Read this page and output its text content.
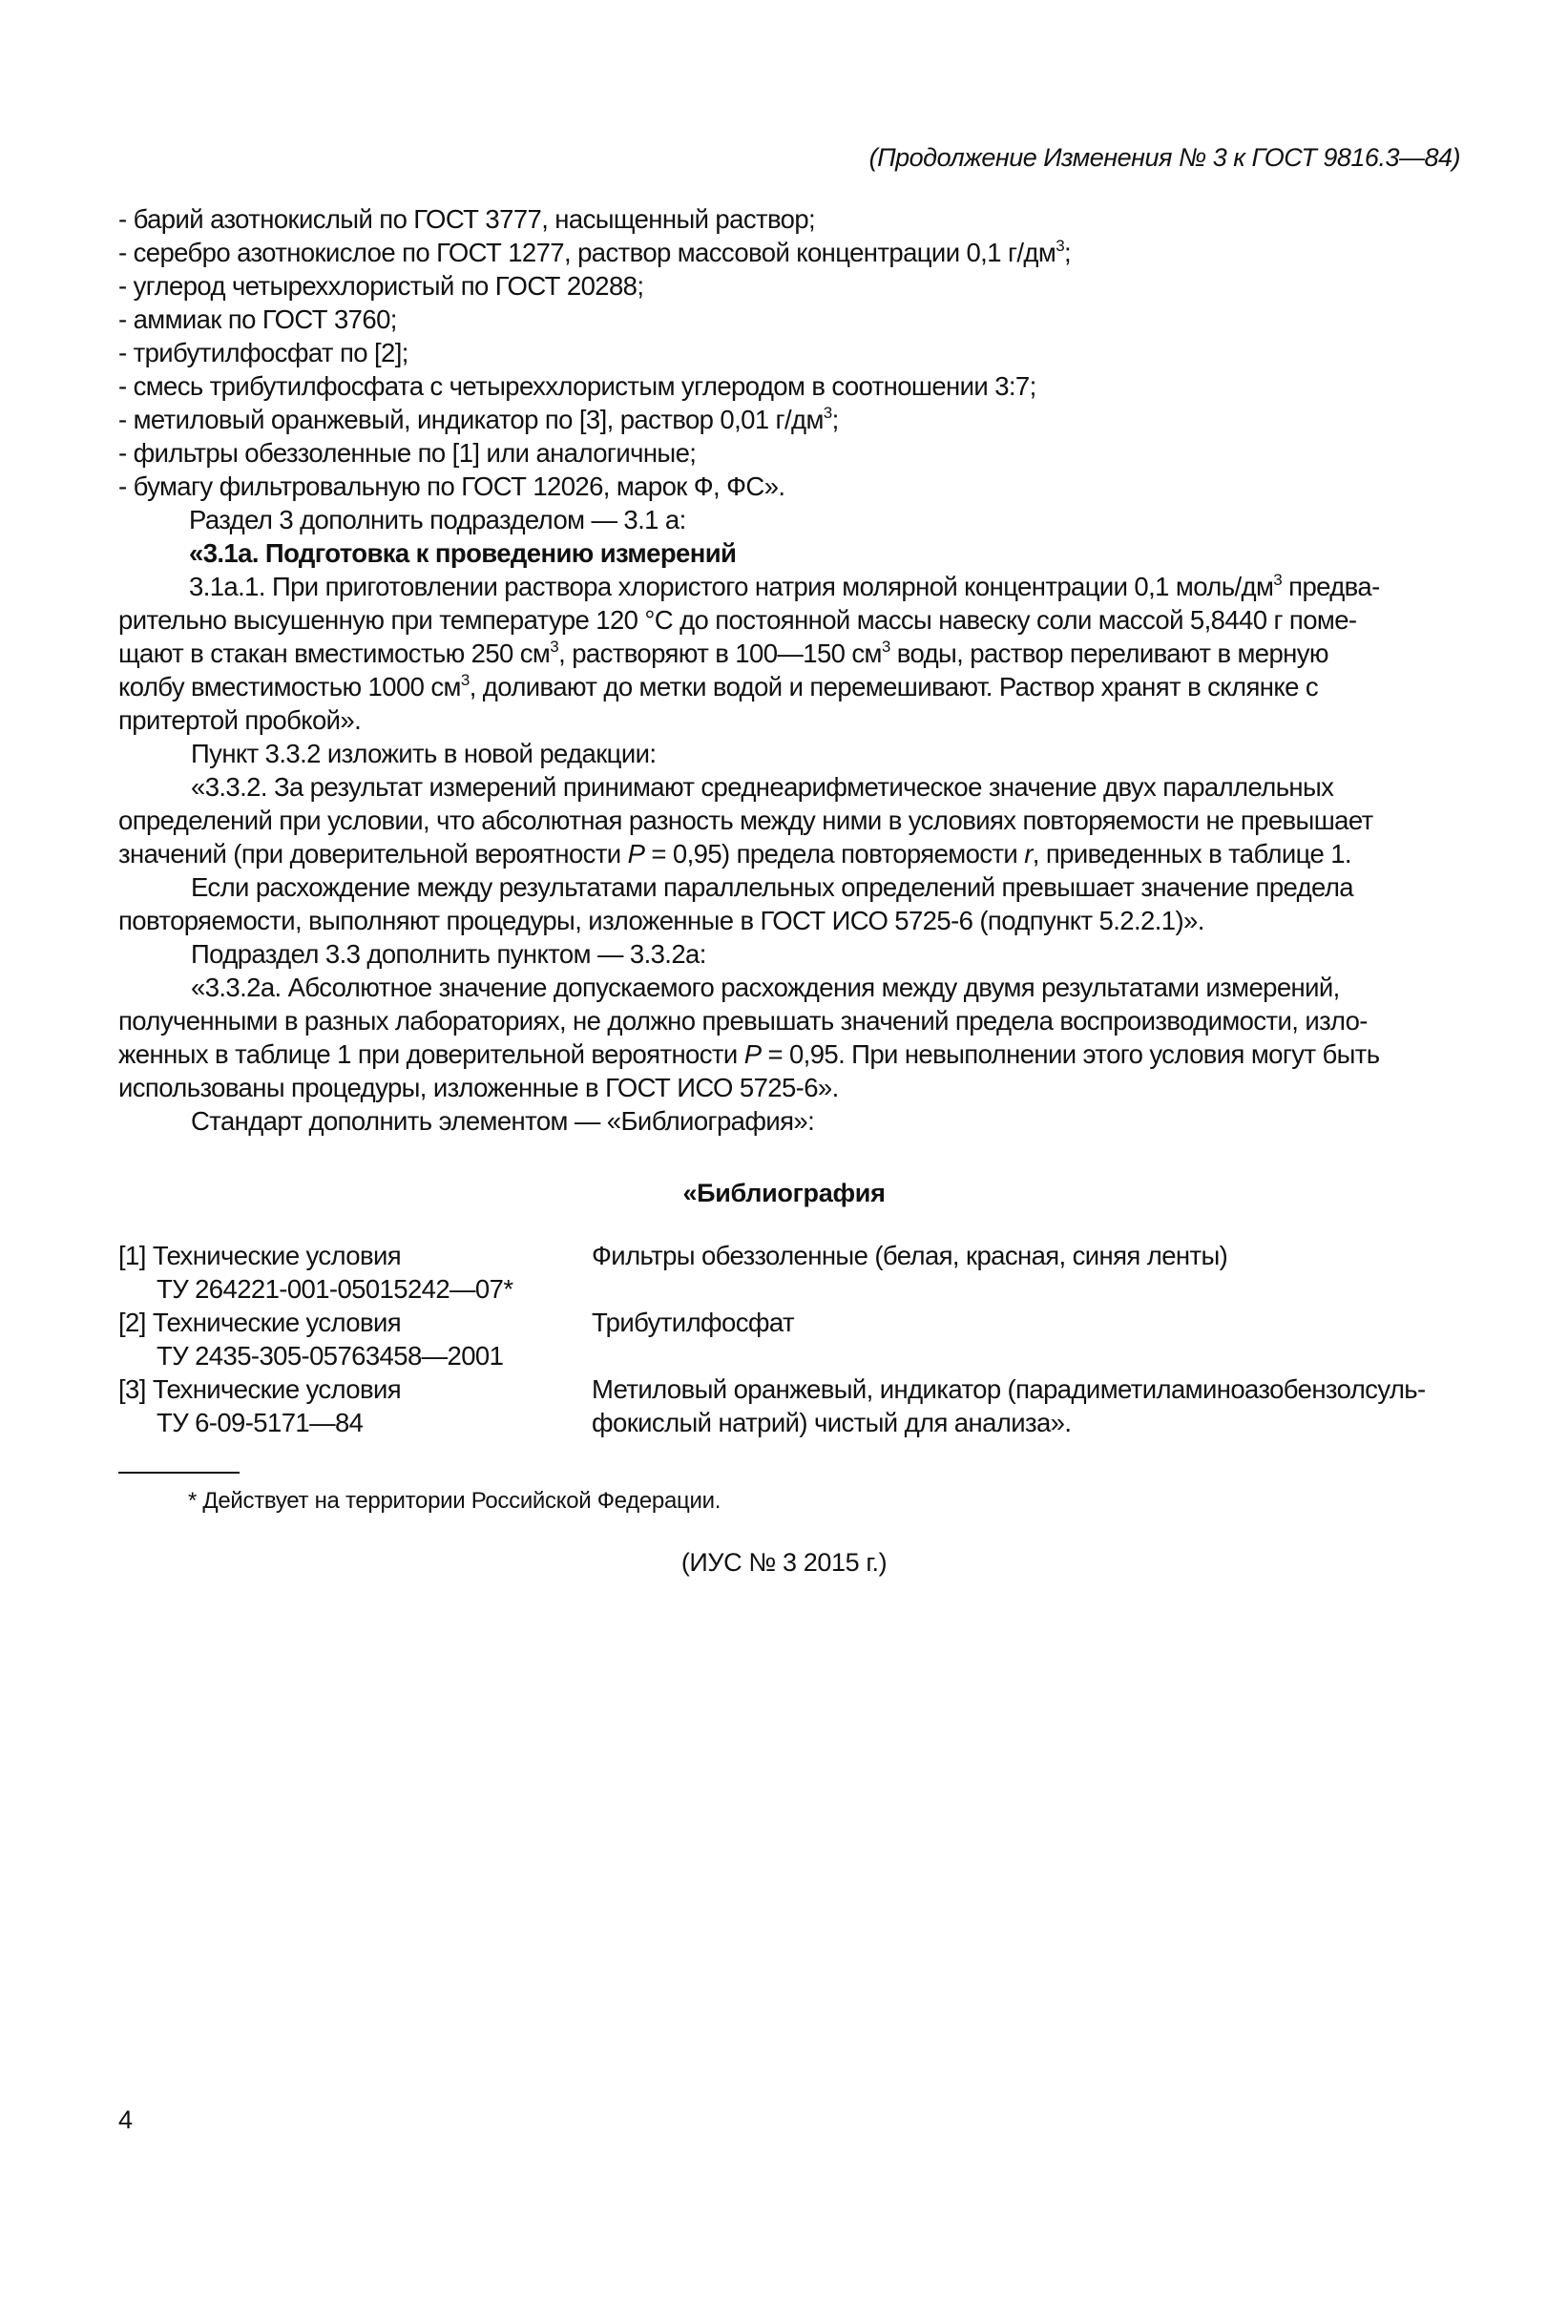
(Продолжение Изменения № 3 к ГОСТ 9816.3—84)
- барий азотнокислый по ГОСТ 3777, насыщенный раствор;
- серебро азотнокислое по ГОСТ 1277, раствор массовой концентрации 0,1 $г/дм^3$;
- углерод четыреххлористый по ГОСТ 20288;
- аммиак по ГОСТ 3760;
- трибутилфосфат по [2];
- смесь трибутилфосфата с четыреххлористым углеродом в соотношении 3:7;
- метиловый оранжевый, индикатор по [3], раствор 0,01 $г/дм^3$;
- фильтры обеззоленные по [1] или аналогичные;
- бумагу фильтровальную по ГОСТ 12026, марок Ф, ФС».
Раздел 3 дополнить подразделом — 3.1 а:
«3.1а. Подготовка к проведению измерений
3.1а.1. При приготовлении раствора хлористого натрия молярной концентрации 0,1 моль/$дм^3$ предва-
рительно высушенную при температуре 120 °С до постоянной массы навеску соли массой 5,8440 г поме-
щают в стакан вместимостью 250 $см^3$, растворяют в 100—150 $см^3$ воды, раствор переливают в мерную
колбу вместимостью 1000 $см^3$, доливают до метки водой и перемешивают. Раствор хранят в склянке с
притертой пробкой».
Пункт 3.3.2 изложить в новой редакции:
«3.3.2. За результат измерений принимают среднеарифметическое значение двух параллельных
определений при условии, что абсолютная разность между ними в условиях повторяемости не превышает
значений (при доверительной вероятности P = 0,95) предела повторяемости r, приведенных в таблице 1.
Если расхождение между результатами параллельных определений превышает значение предела
повторяемости, выполняют процедуры, изложенные в ГОСТ ИСО 5725-6 (подпункт 5.2.2.1)».
Подраздел 3.3 дополнить пунктом — 3.3.2а:
«3.3.2а. Абсолютное значение допускаемого расхождения между двумя результатами измерений,
полученными в разных лабораториях, не должно превышать значений предела воспроизводимости, изло-
женных в таблице 1 при доверительной вероятности P = 0,95. При невыполнении этого условия могут быть
использованы процедуры, изложенные в ГОСТ ИСО 5725-6».
Стандарт дополнить элементом — «Библиография»:
«Библиография
[1] Технические условия
ТУ 264221-001-05015242—07*
Фильтры обеззоленные (белая, красная, синяя ленты)
[2] Технические условия
ТУ 2435-305-05763458—2001
Трибутилфосфат
[3] Технические условия
ТУ 6-09-5171—84
Метиловый оранжевый, индикатор (парадиметиламиноазобензолсуль-
фокислый натрий) чистый для анализа».
* Действует на территории Российской Федерации.
(ИУС № 3 2015 г.)
4
